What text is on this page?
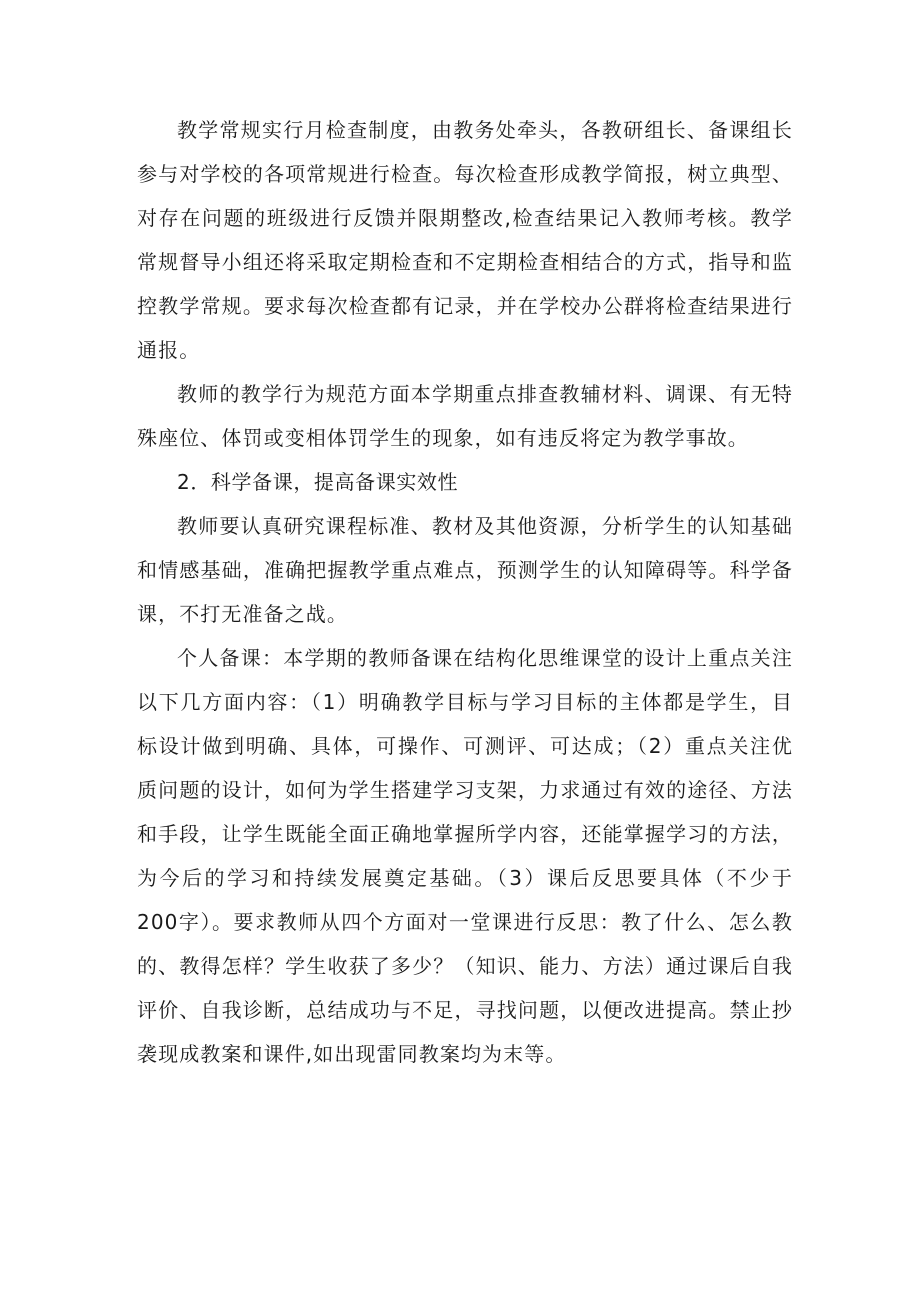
教学常规实行月检查制度，由教务处牵头，各教研组长、备课组长参与对学校的各项常规进行检查。每次检查形成教学简报，树立典型、对存在问题的班级进行反馈并限期整改,检查结果记入教师考核。教学常规督导小组还将采取定期检查和不定期检查相结合的方式，指导和监控教学常规。要求每次检查都有记录，并在学校办公群将检查结果进行通报。

教师的教学行为规范方面本学期重点排查教辅材料、调课、有无特殊座位、体罚或变相体罚学生的现象，如有违反将定为教学事故。

2．科学备课，提高备课实效性

教师要认真研究课程标准、教材及其他资源，分析学生的认知基础和情感基础，准确把握教学重点难点，预测学生的认知障碍等。科学备课，不打无准备之战。

个人备课：本学期的教师备课在结构化思维课堂的设计上重点关注以下几方面内容：（1）明确教学目标与学习目标的主体都是学生，目标设计做到明确、具体，可操作、可测评、可达成；（2）重点关注优质问题的设计，如何为学生搭建学习支架，力求通过有效的途径、方法和手段，让学生既能全面正确地掌握所学内容，还能掌握学习的方法，为今后的学习和持续发展奠定基础。（3）课后反思要具体（不少于200字）。要求教师从四个方面对一堂课进行反思：教了什么、怎么教的、教得怎样？学生收获了多少？（知识、能力、方法）通过课后自我评价、自我诊断，总结成功与不足，寻找问题，以便改进提高。禁止抄袭现成教案和课件,如出现雷同教案均为末等。
